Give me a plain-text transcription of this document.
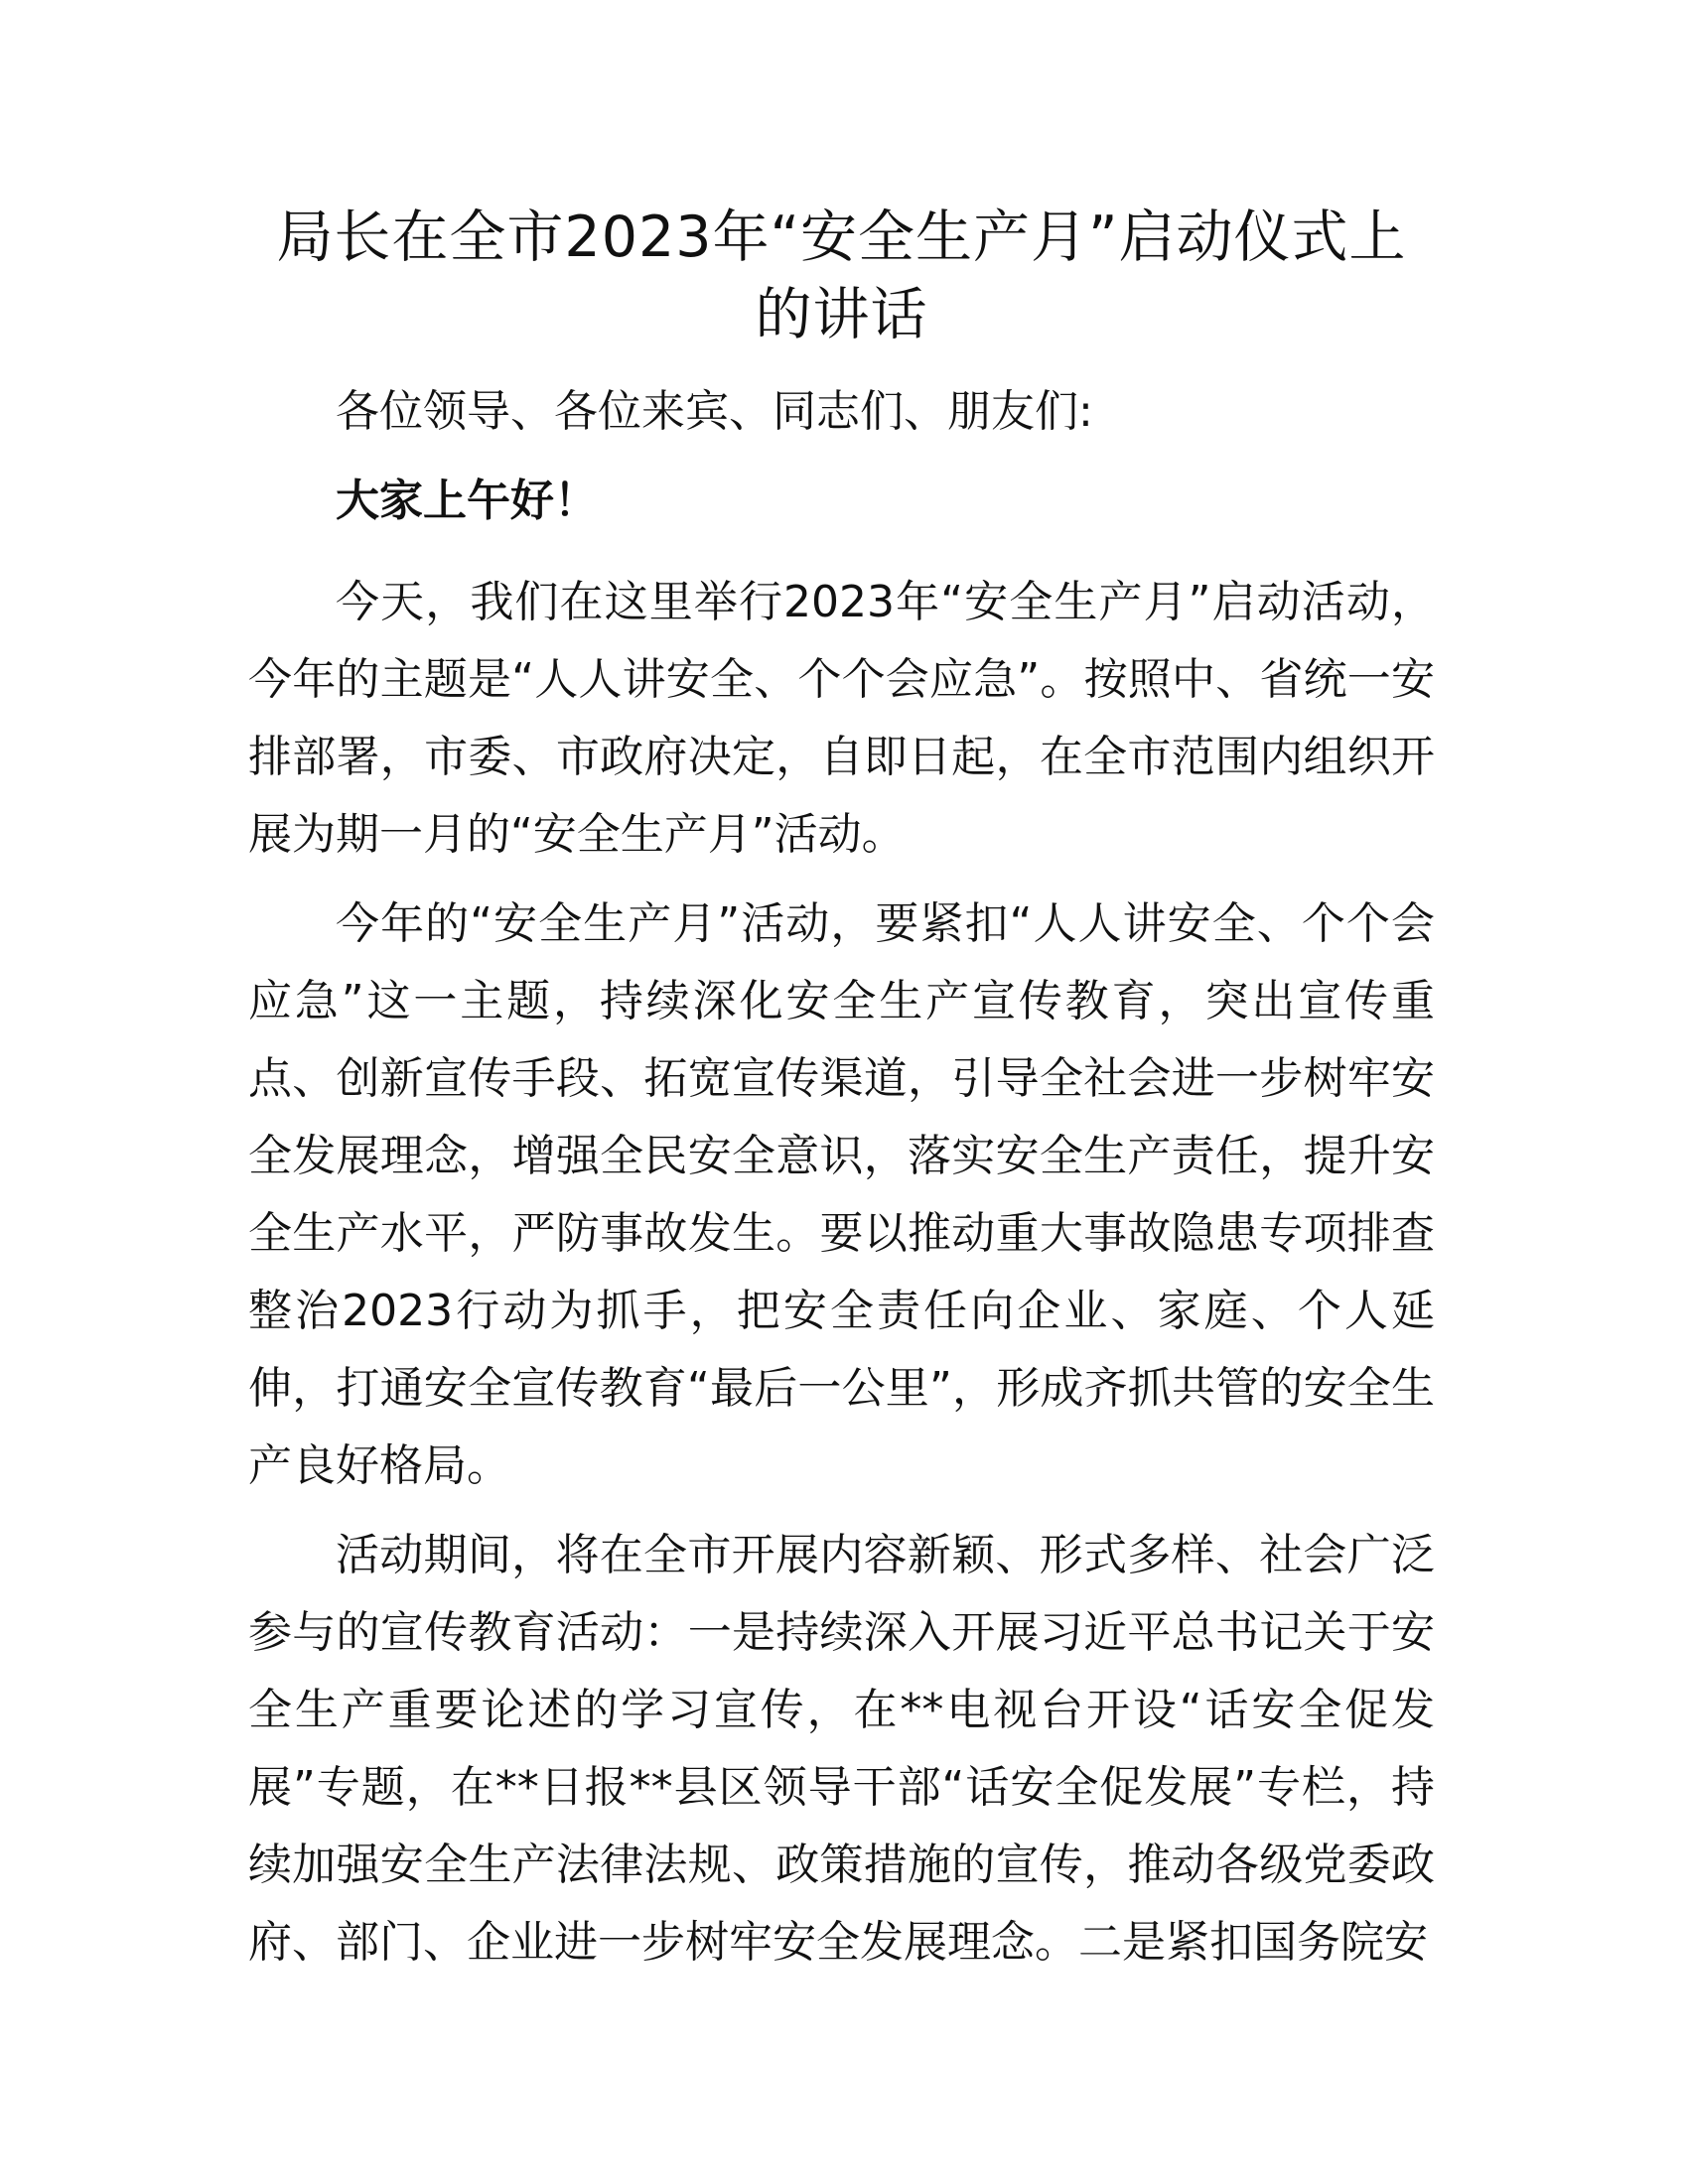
局长在全市2023年“安全生产月”启动仪式上
的讲话

各位领导、各位来宾、同志们、朋友们:

大家上午好！

今天，我们在这里举行2023年“安全生产月”启动活动，今年的主题是“人人讲安全、个个会应急”。按照中、省统一安排部署，市委、市政府决定，自即日起，在全市范围内组织开展为期一月的“安全生产月”活动。

今年的“安全生产月”活动，要紧扣“人人讲安全、个个会应急”这一主题，持续深化安全生产宣传教育，突出宣传重点、创新宣传手段、拓宽宣传渠道，引导全社会进一步树牢安全发展理念，增强全民安全意识，落实安全生产责任，提升安全生产水平，严防事故发生。要以推动重大事故隐患专项排查整治2023行动为抓手，把安全责任向企业、家庭、个人延伸，打通安全宣传教育“最后一公里”，形成齐抓共管的安全生产良好格局。

活动期间，将在全市开展内容新颖、形式多样、社会广泛参与的宣传教育活动：一是持续深入开展习近平总书记关于安全生产重要论述的学习宣传，在**电视台开设“话安全促发展”专题，在**日报**县区领导干部“话安全促发展”专栏，持续加强安全生产法律法规、政策措施的宣传，推动各级党委政府、部门、企业进一步树牢安全发展理念。二是紧扣国务院安
